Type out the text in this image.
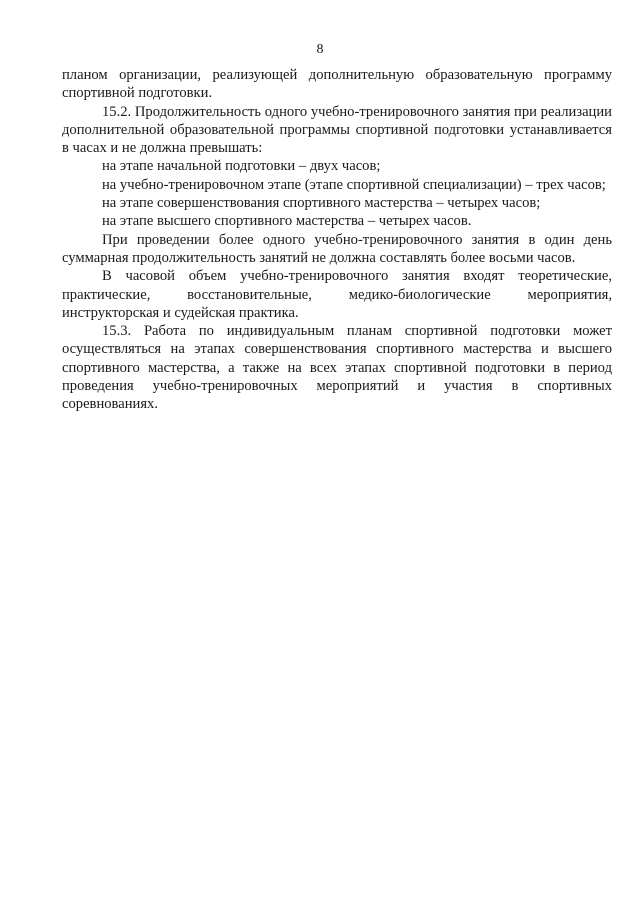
8

планом организации, реализующей дополнительную образовательную программу спортивной подготовки.

15.2. Продолжительность одного учебно-тренировочного занятия при реализации дополнительной образовательной программы спортивной подготовки устанавливается в часах и не должна превышать:

на этапе начальной подготовки – двух часов;

на учебно-тренировочном этапе (этапе спортивной специализации) – трех часов;

на этапе совершенствования спортивного мастерства – четырех часов;

на этапе высшего спортивного мастерства – четырех часов.

При проведении более одного учебно-тренировочного занятия в один день суммарная продолжительность занятий не должна составлять более восьми часов.

В часовой объем учебно-тренировочного занятия входят теоретические, практические, восстановительные, медико-биологические мероприятия, инструкторская и судейская практика.

15.3. Работа по индивидуальным планам спортивной подготовки может осуществляться на этапах совершенствования спортивного мастерства и высшего спортивного мастерства, а также на всех этапах спортивной подготовки в период проведения учебно-тренировочных мероприятий и участия в спортивных соревнованиях.
